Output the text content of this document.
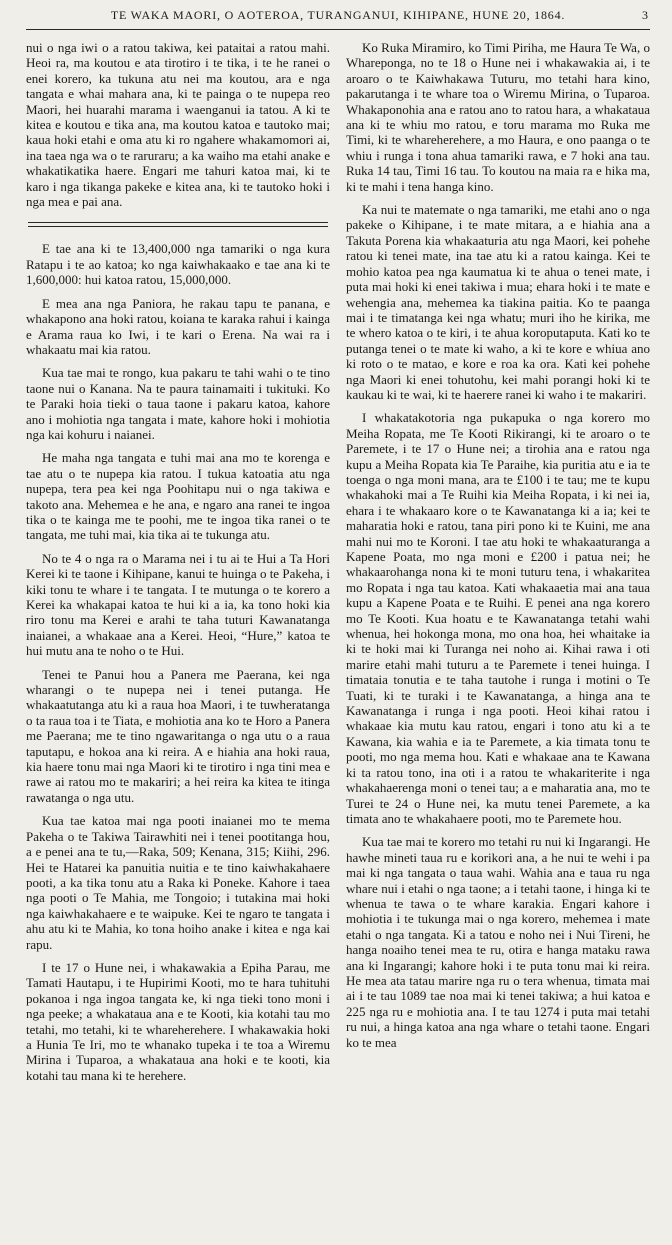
TE WAKA MAORI, O AOTEROA, TURANGANUI, KIHIPANE, HUNE 20, 1864.	3

nui o nga iwi o a ratou takiwa, kei pataitai a ratou mahi. Heoi ra, ma koutou e ata tirotiro i te tika, i te he ranei o enei korero, ka tukuna atu nei ma koutou, ara e nga tangata e whai mahara ana, ki te painga o te nupepa reo Maori, hei huarahi marama i waenganui ia tatou. A ki te kitea e koutou e tika ana, ma koutou katoa e tautoko mai; kaua hoki etahi e oma atu ki ro ngahere whakamomori ai, ina taea nga wa o te raruraru; a ka waiho ma etahi anake e whakatikatika haere. Engari me tahuri katoa mai, ki te karo i nga tikanga pakeke e kitea ana, ki te tautoko hoki i nga mea e pai ana.

E tae ana ki te 13,400,000 nga tamariki o nga kura Ratapu i te ao katoa; ko nga kaiwhakaako e tae ana ki te 1,600,000: hui katoa ratou, 15,000,000.

E mea ana nga Paniora, he rakau tapu te panana, e whakapono ana hoki ratou, koiana te karaka rahui i kainga e Arama raua ko Iwi, i te kari o Erena. Na wai ra i whakaatu mai kia ratou.

Kua tae mai te rongo, kua pakaru te tahi wahi o te tino taone nui o Kanana. Na te paura tainamaiti i tukituki. Ko te Paraki hoia tieki o taua taone i pakaru katoa, kahore ano i mohiotia nga tangata i mate, kahore hoki i mohiotia nga kai kohuru i naianei.

He maha nga tangata e tuhi mai ana mo te korenga e tae atu o te nupepa kia ratou. I tukua katoatia atu nga nupepa, tera pea kei nga Poohitapu nui o nga takiwa e takoto ana. Mehemea e he ana, e ngaro ana ranei te ingoa tika o te kainga me te poohi, me te ingoa tika ranei o te tangata, me tuhi mai, kia tika ai te tukunga atu.

No te 4 o nga ra o Marama nei i tu ai te Hui a Ta Hori Kerei ki te taone i Kihipane, kanui te huinga o te Pakeha, i kiki tonu te whare i te tangata. I te mutunga o te korero a Kerei ka whakapai katoa te hui ki a ia, ka tono hoki kia riro tonu ma Kerei e arahi te taha tuturi Kawanatanga inaianei, a whakaae ana a Kerei. Heoi, “Hure,” katoa te hui mutu ana te noho o te Hui.

Tenei te Panui hou a Panera me Paerana, kei nga wharangi o te nupepa nei i tenei putanga. He whakaatutanga atu ki a raua hoa Maori, i te tuwheratanga o ta raua toa i te Tiata, e mohiotia ana ko te Horo a Panera me Paerana; me te tino ngawaritanga o nga utu o a raua taputapu, e hokoa ana ki reira. A e hiahia ana hoki raua, kia haere tonu mai nga Maori ki te tirotiro i nga tini mea e rawe ai ratou mo te makariri; a hei reira ka kitea te itinga rawatanga o nga utu.

Kua tae katoa mai nga pooti inaianei mo te mema Pakeha o te Takiwa Tairawhiti nei i tenei pootitanga hou, a e penei ana te tu,—Raka, 509; Kenana, 315; Kiihi, 296. Hei te Hatarei ka panuitia nuitia e te tino kaiwhakahaere pooti, a ka tika tonu atu a Raka ki Poneke. Kahore i taea nga pooti o Te Mahia, me Tongoio; i tutakina mai hoki nga kaiwhakahaere e te waipuke. Kei te ngaro te tangata i ahu atu ki te Mahia, ko tona hoiho anake i kitea e nga kai rapu.

I te 17 o Hune nei, i whakawakia a Epiha Parau, me Tamati Hautapu, i te Hupirimi Kooti, mo te hara tuhituhi pokanoa i nga ingoa tangata ke, ki nga tieki tono moni i nga peeke; a whakataua ana e te Kooti, kia kotahi tau mo tetahi, mo tetahi, ki te whareherehere. I whakawakia hoki a Hunia Te Iri, mo te whanako tupeka i te toa a Wiremu Mirina i Tuparoa, a whakataua ana hoki e te kooti, kia kotahi tau mana ki te herehere.

Ko Ruka Miramiro, ko Timi Piriha, me Haura Te Wa, o Whareponga, no te 18 o Hune nei i whakawakia ai, i te aroaro o te Kaiwhakawa Tuturu, mo tetahi hara kino, pakarutanga i te whare toa o Wiremu Mirina, o Tuparoa. Whakaponohia ana e ratou ano to ratou hara, a whakataua ana ki te whiu mo ratou, e toru marama mo Ruka me Timi, ki te whareherehere, a mo Haura, e ono paanga o te whiu i runga i tona ahua tamariki rawa, e 7 hoki ana tau. Ruka 14 tau, Timi 16 tau. To koutou na maia ra e hika ma, ki te mahi i tena hanga kino.

Ka nui te matemate o nga tamariki, me etahi ano o nga pakeke o Kihipane, i te mate mitara, a e hiahia ana a Takuta Porena kia whakaaturia atu nga Maori, kei pohehe ratou ki tenei mate, ina tae atu ki a ratou kainga. Kei te mohio katoa pea nga kaumatua ki te ahua o tenei mate, i puta mai hoki ki enei takiwa i mua; ehara hoki i te mate e wehengia ana, mehemea ka tiakina paitia. Ko te paanga mai i te timatanga kei nga whatu; muri iho he kirika, me te whero katoa o te kiri, i te ahua koroputaputa. Kati ko te putanga tenei o te mate ki waho, a ki te kore e whiua ano ki roto o te matao, e kore e roa ka ora. Kati kei pohehe nga Maori ki enei tohutohu, kei mahi porangi hoki ki te kaukau ki te wai, ki te haerere ranei ki waho i te makariri.

I whakatakotoria nga pukapuka o nga korero mo Meiha Ropata, me Te Kooti Rikirangi, ki te aroaro o te Paremete, i te 17 o Hune nei; a tirohia ana e ratou nga kupu a Meiha Ropata kia Te Paraihe, kia puritia atu e ia te toenga o nga moni mana, ara te £100 i te tau; me te kupu whakahoki mai a Te Ruihi kia Meiha Ropata, i ki nei ia, ehara i te whakaaro kore o te Kawanatanga ki a ia; kei te maharatia hoki e ratou, tana piri pono ki te Kuini, me ana mahi nui mo te Koroni. I tae atu hoki te whakaaturanga a Kapene Poata, mo nga moni e £200 i patua nei; he whakaarohanga nona ki te moni tuturu tena, i whakaritea mo Ropata i nga tau katoa. Kati whakaaetia mai ana taua kupu a Kapene Poata e te Ruihi. E penei ana nga korero mo Te Kooti. Kua hoatu e te Kawanatanga tetahi wahi whenua, hei hokonga mona, mo ona hoa, hei whaitake ia ki te hoki mai ki Turanga nei noho ai. Kihai rawa i oti marire etahi mahi tuturu a te Paremete i tenei huinga. I timataia tonutia e te taha tautohe i runga i motini o Te Tuati, ki te turaki i te Kawanatanga, a hinga ana te Kawanatanga i runga i nga pooti. Heoi kihai ratou i whakaae kia mutu kau ratou, engari i tono atu ki a te Kawana, kia wahia e ia te Paremete, a kia timata tonu te pooti, mo nga mema hou. Kati e whakaae ana te Kawana ki ta ratou tono, ina oti i a ratou te whakariterite i nga whakahaerenga moni o tenei tau; a e maharatia ana, mo te Turei te 24 o Hune nei, ka mutu tenei Paremete, a ka timata ano te whakahaere pooti, mo te Paremete hou.

Kua tae mai te korero mo tetahi ru nui ki Ingarangi. He hawhe mineti taua ru e korikori ana, a he nui te wehi i pa mai ki nga tangata o taua wahi. Wahia ana e taua ru nga whare nui i etahi o nga taone; a i tetahi taone, i hinga ki te whenua te tawa o te whare karakia. Engari kahore i mohiotia i te tukunga mai o nga korero, mehemea i mate etahi o nga tangata. Ki a tatou e noho nei i Nui Tireni, he hanga noaiho tenei mea te ru, otira e hanga mataku rawa ana ki Ingarangi; kahore hoki i te puta tonu mai ki reira. He mea ata tatau marire nga ru o tera whenua, timata mai ai i te tau 1089 tae noa mai ki tenei takiwa; a hui katoa e 225 nga ru e mohiotia ana. I te tau 1274 i puta mai tetahi ru nui, a hinga katoa ana nga whare o tetahi taone. Engari ko te mea
